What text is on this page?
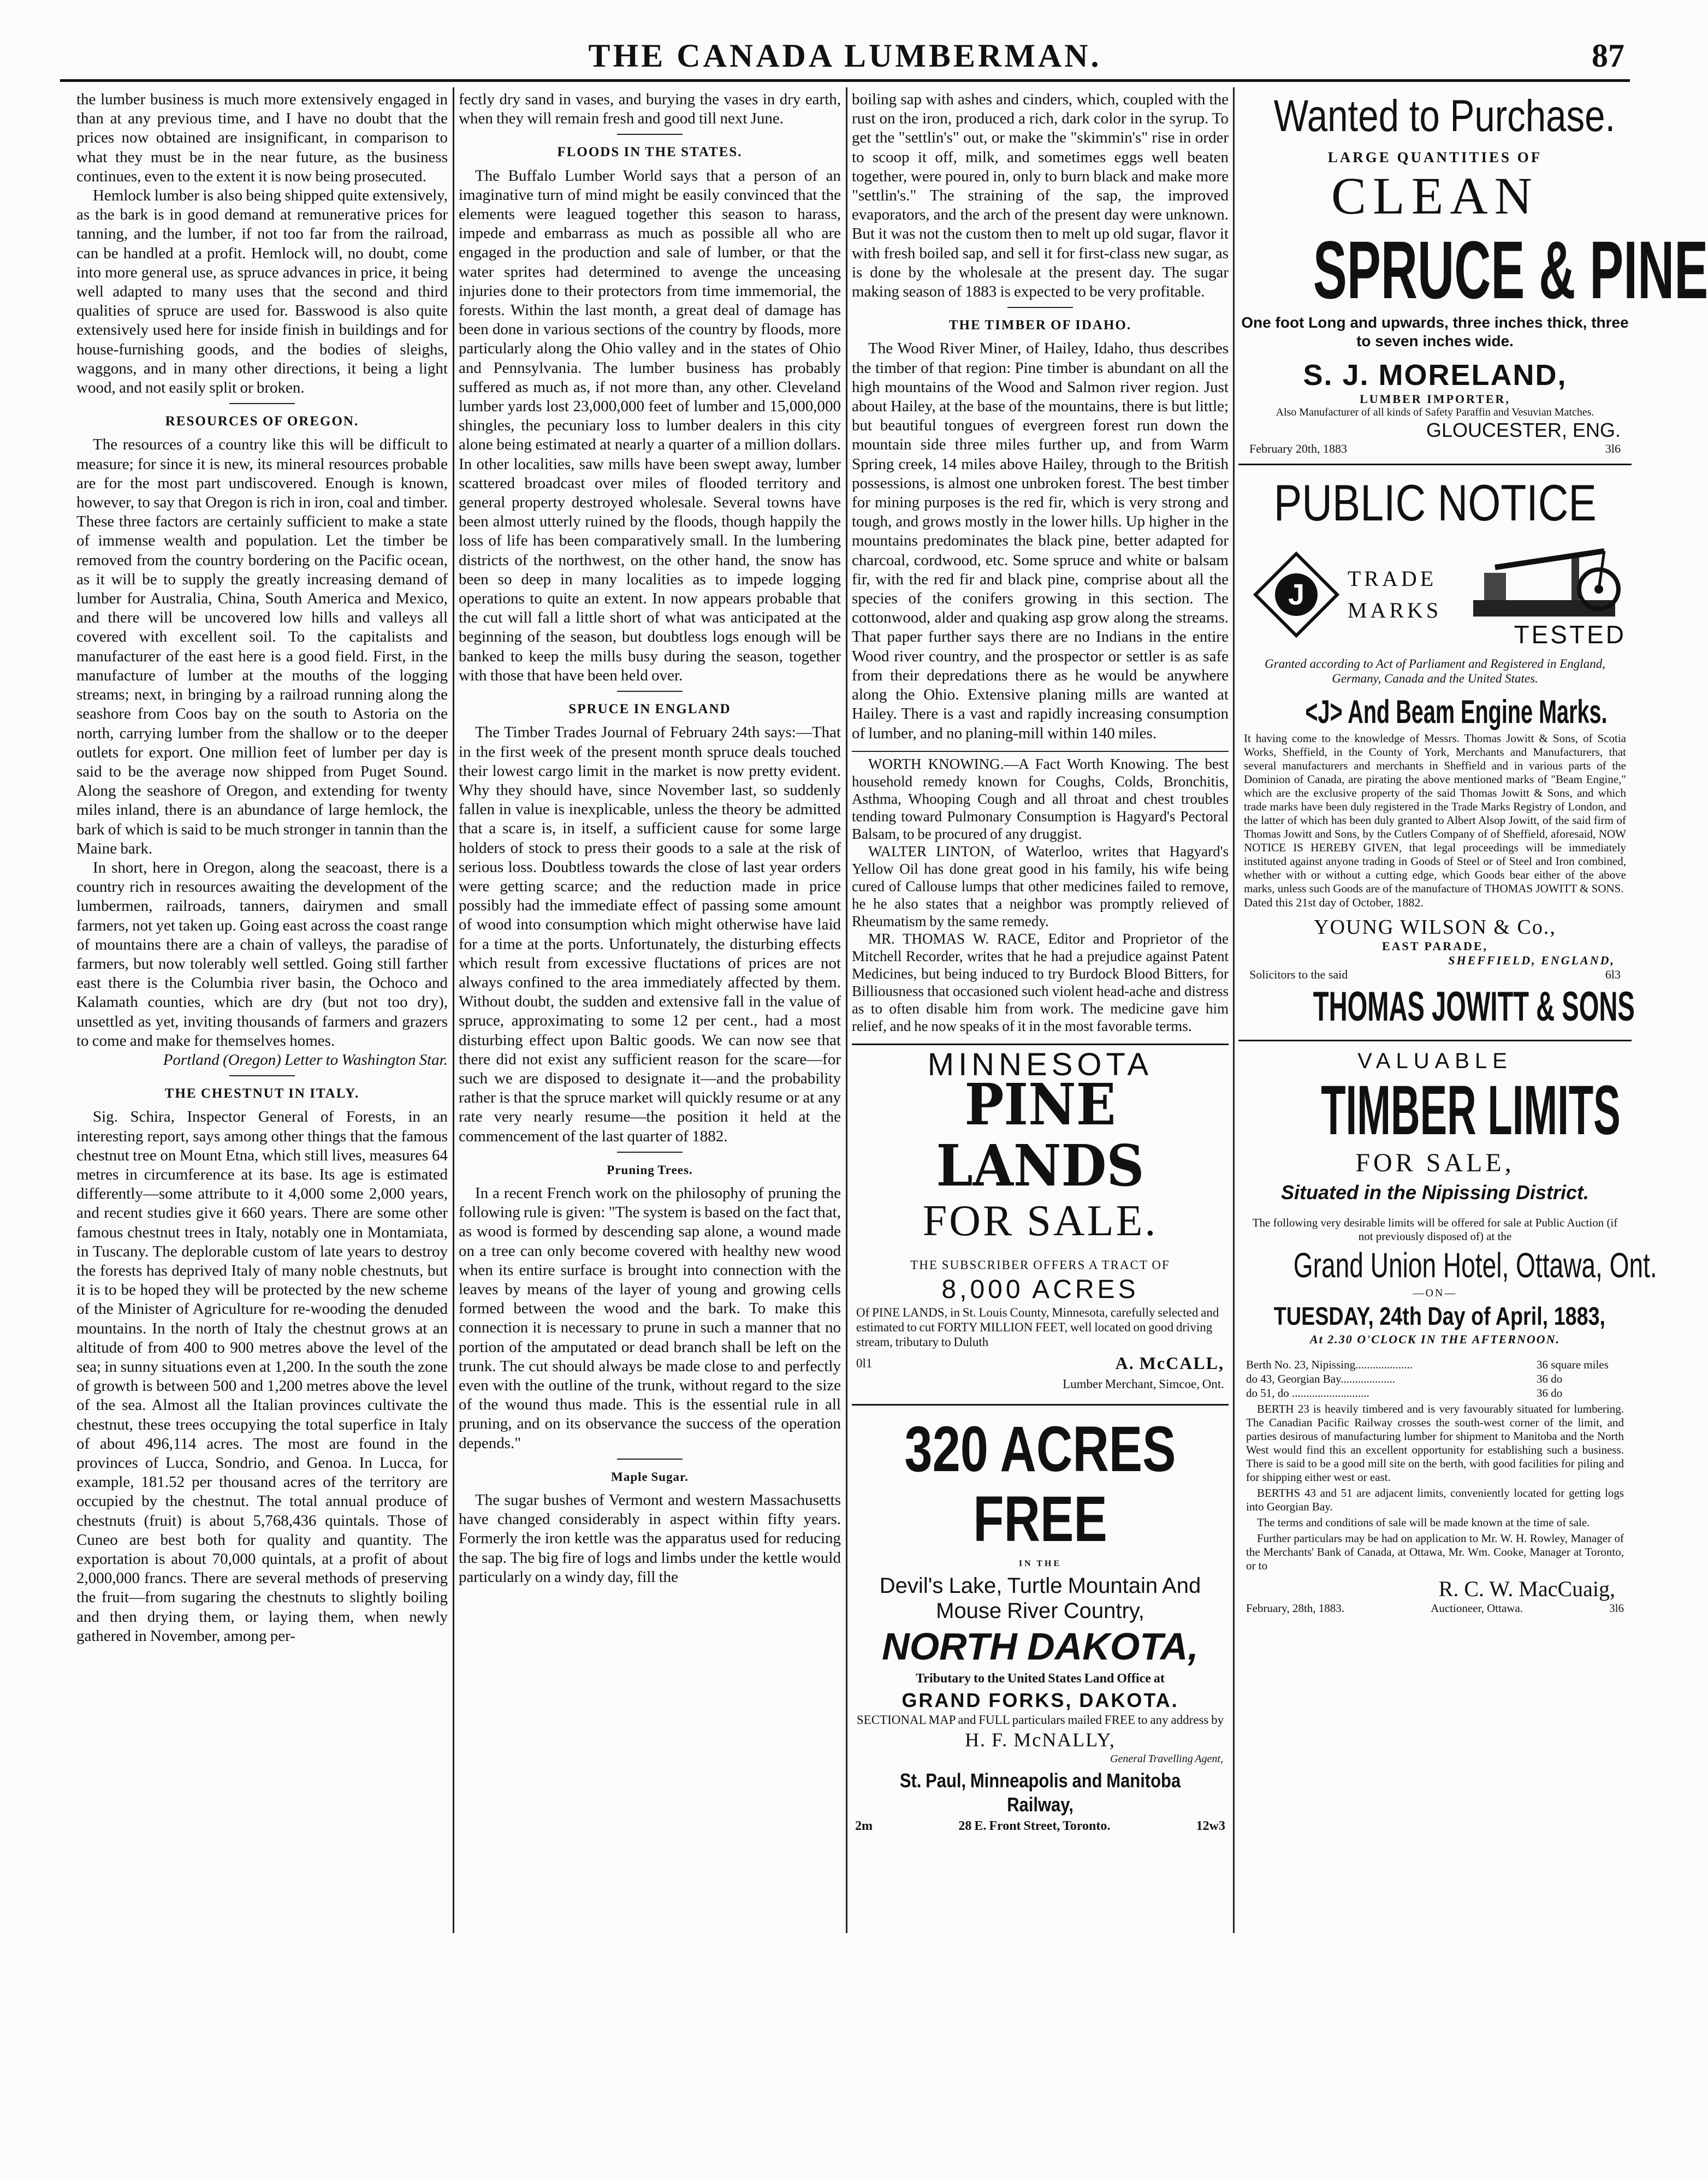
THE CANADA LUMBERMAN.	87

the lumber business is much more extensively engaged in than at any previous time, and I have no doubt that the prices now obtained are insignificant, in comparison to what they must be in the near future, as the business continues, even to the extent it is now being prosecuted.

Hemlock lumber is also being shipped quite extensively, as the bark is in good demand at remunerative prices for tanning, and the lumber, if not too far from the railroad, can be handled at a profit. Hemlock will, no doubt, come into more general use, as spruce advances in price, it being well adapted to many uses that the second and third qualities of spruce are used for. Basswood is also quite extensively used here for inside finish in buildings and for house-furnishing goods, and the bodies of sleighs, waggons, and in many other directions, it being a light wood, and not easily split or broken.

RESOURCES OF OREGON.

The resources of a country like this will be difficult to measure; for since it is new, its mineral resources probable are for the most part undiscovered. Enough is known, however, to say that Oregon is rich in iron, coal and timber. These three factors are certainly sufficient to make a state of immense wealth and population. Let the timber be removed from the country bordering on the Pacific ocean, as it will be to supply the greatly increasing demand of lumber for Australia, China, South America and Mexico, and there will be uncovered low hills and valleys all covered with excellent soil. To the capitalists and manufacturer of the east here is a good field. First, in the manufacture of lumber at the mouths of the logging streams; next, in bringing by a railroad running along the seashore from Coos bay on the south to Astoria on the north, carrying lumber from the shallow or to the deeper outlets for export. One million feet of lumber per day is said to be the average now shipped from Puget Sound. Along the seashore of Oregon, and extending for twenty miles inland, there is an abundance of large hemlock, the bark of which is said to be much stronger in tannin than the Maine bark.

In short, here in Oregon, along the seacoast, there is a country rich in resources awaiting the development of the lumbermen, railroads, tanners, dairymen and small farmers, not yet taken up. Going east across the coast range of mountains there are a chain of valleys, the paradise of farmers, but now tolerably well settled. Going still farther east there is the Columbia river basin, the Ochoco and Kalamath counties, which are dry (but not too dry), unsettled as yet, inviting thousands of farmers and grazers to come and make for themselves homes.

Portland (Oregon) Letter to Washington Star.

THE CHESTNUT IN ITALY.

Sig. Schira, Inspector General of Forests, in an interesting report, says among other things that the famous chestnut tree on Mount Etna, which still lives, measures 64 metres in circumference at its base. Its age is estimated differently—some attribute to it 4,000 some 2,000 years, and recent studies give it 660 years. There are some other famous chestnut trees in Italy, notably one in Montamiata, in Tuscany. The deplorable custom of late years to destroy the forests has deprived Italy of many noble chestnuts, but it is to be hoped they will be protected by the new scheme of the Minister of Agriculture for re-wooding the denuded mountains. In the north of Italy the chestnut grows at an altitude of from 400 to 900 metres above the level of the sea; in sunny situations even at 1,200. In the south the zone of growth is between 500 and 1,200 metres above the level of the sea. Almost all the Italian provinces cultivate the chestnut, these trees occupying the total superfice in Italy of about 496,114 acres. The most are found in the provinces of Lucca, Sondrio, and Genoa. In Lucca, for example, 181.52 per thousand acres of the territory are occupied by the chestnut. The total annual produce of chestnuts (fruit) is about 5,768,436 quintals. Those of Cuneo are best both for quality and quantity. The exportation is about 70,000 quintals, at a profit of about 2,000,000 francs. There are several methods of preserving the fruit—from sugaring the chestnuts to slightly boiling and then drying them, or laying them, when newly gathered in November, among per-

fectly dry sand in vases, and burying the vases in dry earth, when they will remain fresh and good till next June.

FLOODS IN THE STATES.

The Buffalo Lumber World says that a person of an imaginative turn of mind might be easily convinced that the elements were leagued together this season to harass, impede and embarrass as much as possible all who are engaged in the production and sale of lumber, or that the water sprites had determined to avenge the unceasing injuries done to their protectors from time immemorial, the forests. Within the last month, a great deal of damage has been done in various sections of the country by floods, more particularly along the Ohio valley and in the states of Ohio and Pennsylvania. The lumber business has probably suffered as much as, if not more than, any other. Cleveland lumber yards lost 23,000,000 feet of lumber and 15,000,000 shingles, the pecuniary loss to lumber dealers in this city alone being estimated at nearly a quarter of a million dollars. In other localities, saw mills have been swept away, lumber scattered broadcast over miles of flooded territory and general property destroyed wholesale. Several towns have been almost utterly ruined by the floods, though happily the loss of life has been comparatively small. In the lumbering districts of the northwest, on the other hand, the snow has been so deep in many localities as to impede logging operations to quite an extent. In now appears probable that the cut will fall a little short of what was anticipated at the beginning of the season, but doubtless logs enough will be banked to keep the mills busy during the season, together with those that have been held over.

SPRUCE IN ENGLAND

The Timber Trades Journal of February 24th says:—That in the first week of the present month spruce deals touched their lowest cargo limit in the market is now pretty evident. Why they should have, since November last, so suddenly fallen in value is inexplicable, unless the theory be admitted that a scare is, in itself, a sufficient cause for some large holders of stock to press their goods to a sale at the risk of serious loss. Doubtless towards the close of last year orders were getting scarce; and the reduction made in price possibly had the immediate effect of passing some amount of wood into consumption which might otherwise have laid for a time at the ports. Unfortunately, the disturbing effects which result from excessive fluctations of prices are not always confined to the area immediately affected by them. Without doubt, the sudden and extensive fall in the value of spruce, approximating to some 12 per cent., had a most disturbing effect upon Baltic goods. We can now see that there did not exist any sufficient reason for the scare—for such we are disposed to designate it—and the probability rather is that the spruce market will quickly resume or at any rate very nearly resume—the position it held at the commencement of the last quarter of 1882.

Pruning Trees.

In a recent French work on the philosophy of pruning the following rule is given: "The system is based on the fact that, as wood is formed by descending sap alone, a wound made on a tree can only become covered with healthy new wood when its entire surface is brought into connection with the leaves by means of the layer of young and growing cells formed between the wood and the bark. To make this connection it is necessary to prune in such a manner that no portion of the amputated or dead branch shall be left on the trunk. The cut should always be made close to and perfectly even with the outline of the trunk, without regard to the size of the wound thus made. This is the essential rule in all pruning, and on its observance the success of the operation depends."

Maple Sugar.

The sugar bushes of Vermont and western Massachusetts have changed considerably in aspect within fifty years. Formerly the iron kettle was the apparatus used for reducing the sap. The big fire of logs and limbs under the kettle would particularly on a windy day, fill the

boiling sap with ashes and cinders, which, coupled with the rust on the iron, produced a rich, dark color in the syrup. To get the "settlin's" out, or make the "skimmin's" rise in order to scoop it off, milk, and sometimes eggs well beaten together, were poured in, only to burn black and make more "settlin's." The straining of the sap, the improved evaporators, and the arch of the present day were unknown. But it was not the custom then to melt up old sugar, flavor it with fresh boiled sap, and sell it for first-class new sugar, as is done by the wholesale at the present day. The sugar making season of 1883 is expected to be very profitable.

THE TIMBER OF IDAHO.

The Wood River Miner, of Hailey, Idaho, thus describes the timber of that region: Pine timber is abundant on all the high mountains of the Wood and Salmon river region. Just about Hailey, at the base of the mountains, there is but little; but beautiful tongues of evergreen forest run down the mountain side three miles further up, and from Warm Spring creek, 14 miles above Hailey, through to the British possessions, is almost one unbroken forest. The best timber for mining purposes is the red fir, which is very strong and tough, and grows mostly in the lower hills. Up higher in the mountains predominates the black pine, better adapted for charcoal, cordwood, etc. Some spruce and white or balsam fir, with the red fir and black pine, comprise about all the species of the conifers growing in this section. The cottonwood, alder and quaking asp grow along the streams. That paper further says there are no Indians in the entire Wood river country, and the prospector or settler is as safe from their depredations there as he would be anywhere along the Ohio. Extensive planing mills are wanted at Hailey. There is a vast and rapidly increasing consumption of lumber, and no planing-mill within 140 miles.

WORTH KNOWING.—A Fact Worth Knowing. The best household remedy known for Coughs, Colds, Bronchitis, Asthma, Whooping Cough and all throat and chest troubles tending toward Pulmonary Consumption is Hagyard's Pectoral Balsam, to be procured of any druggist.

WALTER LINTON, of Waterloo, writes that Hagyard's Yellow Oil has done great good in his family, his wife being cured of Callouse lumps that other medicines failed to remove, he he also states that a neighbor was promptly relieved of Rheumatism by the same remedy.

MR. THOMAS W. RACE, Editor and Proprietor of the Mitchell Recorder, writes that he had a prejudice against Patent Medicines, but being induced to try Burdock Blood Bitters, for Billiousness that occasioned such violent head-ache and distress as to often disable him from work. The medicine gave him relief, and he now speaks of it in the most favorable terms.

MINNESOTA
PINE LANDS
FOR SALE.
THE SUBSCRIBER OFFERS A TRACT OF
8,000 ACRES
Of PINE LANDS, in St. Louis County, Minnesota, carefully selected and estimated to cut FORTY MILLION FEET, well located on good driving stream, tributary to Duluth
0l1	A. McCALL,
Lumber Merchant, Simcoe, Ont.
320 ACRES FREE
IN THE
Devil's Lake, Turtle Mountain And Mouse River Country,
NORTH DAKOTA,
Tributary to the United States Land Office at
GRAND FORKS, DAKOTA.
SECTIONAL MAP and FULL particulars mailed FREE to any address by
H. F. McNALLY,
General Travelling Agent,
St. Paul, Minneapolis and Manitoba Railway,
2m	28 E. Front Street, Toronto.	12w3
Wanted to Purchase.
LARGE QUANTITIES OF
CLEAN
SPRUCE & PINE
One foot Long and upwards, three inches thick, three to seven inches wide.
S. J. MORELAND,
LUMBER IMPORTER,
Also Manufacturer of all kinds of Safety Paraffin and Vesuvian Matches.
GLOUCESTER, ENG.
February 20th, 1883	3l6
PUBLIC NOTICE
J	TRADE
MARKS
TESTED
Granted according to Act of Parliament and Registered in England, Germany, Canada and the United States.
<J> And Beam Engine Marks.
It having come to the knowledge of Messrs. Thomas Jowitt & Sons, of Scotia Works, Sheffield, in the County of York, Merchants and Manufacturers, that several manufacturers and merchants in Sheffield and in various parts of the Dominion of Canada, are pirating the above mentioned marks of "Beam Engine," which are the exclusive property of the said Thomas Jowitt & Sons, and which trade marks have been duly registered in the Trade Marks Registry of London, and the latter of which has been duly granted to Albert Alsop Jowitt, of the said firm of Thomas Jowitt and Sons, by the Cutlers Company of of Sheffield, aforesaid, NOW NOTICE IS HEREBY GIVEN, that legal proceedings will be immediately instituted against anyone trading in Goods of Steel or of Steel and Iron combined, whether with or without a cutting edge, which Goods bear either of the above marks, unless such Goods are of the manufacture of THOMAS JOWITT & SONS.
Dated this 21st day of October, 1882.
YOUNG WILSON & Co.,
EAST PARADE,
SHEFFIELD, ENGLAND,
Solicitors to the said	6l3
THOMAS JOWITT & SONS
VALUABLE
TIMBER LIMITS
FOR SALE,
Situated in the Nipissing District.
The following very desirable limits will be offered for sale at Public Auction (if not previously disposed of) at the
Grand Union Hotel, Ottawa, Ont.
—ON—
TUESDAY, 24th Day of April, 1883,
At 2.30 O'CLOCK IN THE AFTERNOON.
Berth No. 23, Nipissing....................	36 square miles
do 43, Georgian Bay...................	36 do
do 51, do ...........................	36 do

BERTH 23 is heavily timbered and is very favourably situated for lumbering. The Canadian Pacific Railway crosses the south-west corner of the limit, and parties desirous of manufacturing lumber for shipment to Manitoba and the North West would find this an excellent opportunity for establishing such a business. There is said to be a good mill site on the berth, with good facilities for piling and for shipping either west or east.

BERTHS 43 and 51 are adjacent limits, conveniently located for getting logs into Georgian Bay.

The terms and conditions of sale will be made known at the time of sale.

Further particulars may be had on application to Mr. W. H. Rowley, Manager of the Merchants' Bank of Canada, at Ottawa, Mr. Wm. Cooke, Manager at Toronto, or to

R. C. W. MacCuaig,
February, 28th, 1883.	Auctioneer, Ottawa.	3l6
